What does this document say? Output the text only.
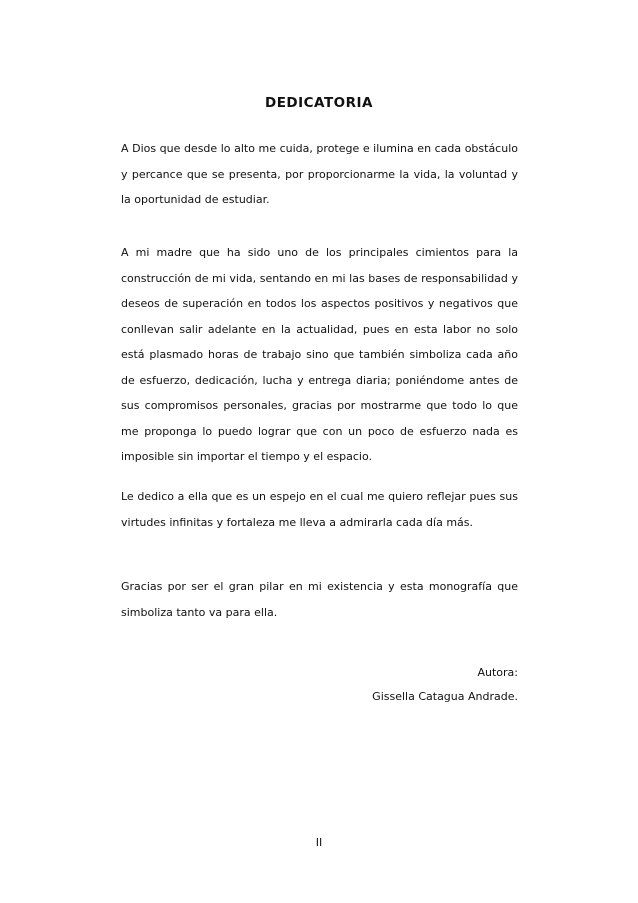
DEDICATORIA
A Dios que desde lo alto me cuida, protege e ilumina en cada obstáculo y percance que se presenta, por proporcionarme la vida, la voluntad y la oportunidad de estudiar.
A mi madre que ha sido uno de los principales cimientos para la construcción de mi vida, sentando en mi las bases de responsabilidad y deseos de superación en todos los aspectos positivos y negativos que conllevan salir adelante en la actualidad, pues en esta labor no solo está plasmado horas de trabajo sino que también simboliza cada año de esfuerzo, dedicación, lucha y entrega diaria; poniéndome antes de sus compromisos personales, gracias por mostrarme que todo lo que me proponga lo puedo lograr que con un poco de esfuerzo nada es imposible sin importar el tiempo y el espacio.
Le dedico a ella que es un espejo en el cual me quiero reflejar pues sus virtudes infinitas y fortaleza me lleva a admirarla cada día más.
Gracias por ser el gran pilar en mi existencia y esta monografía que simboliza tanto va para ella.
Autora:
Gissella Catagua Andrade.
II
